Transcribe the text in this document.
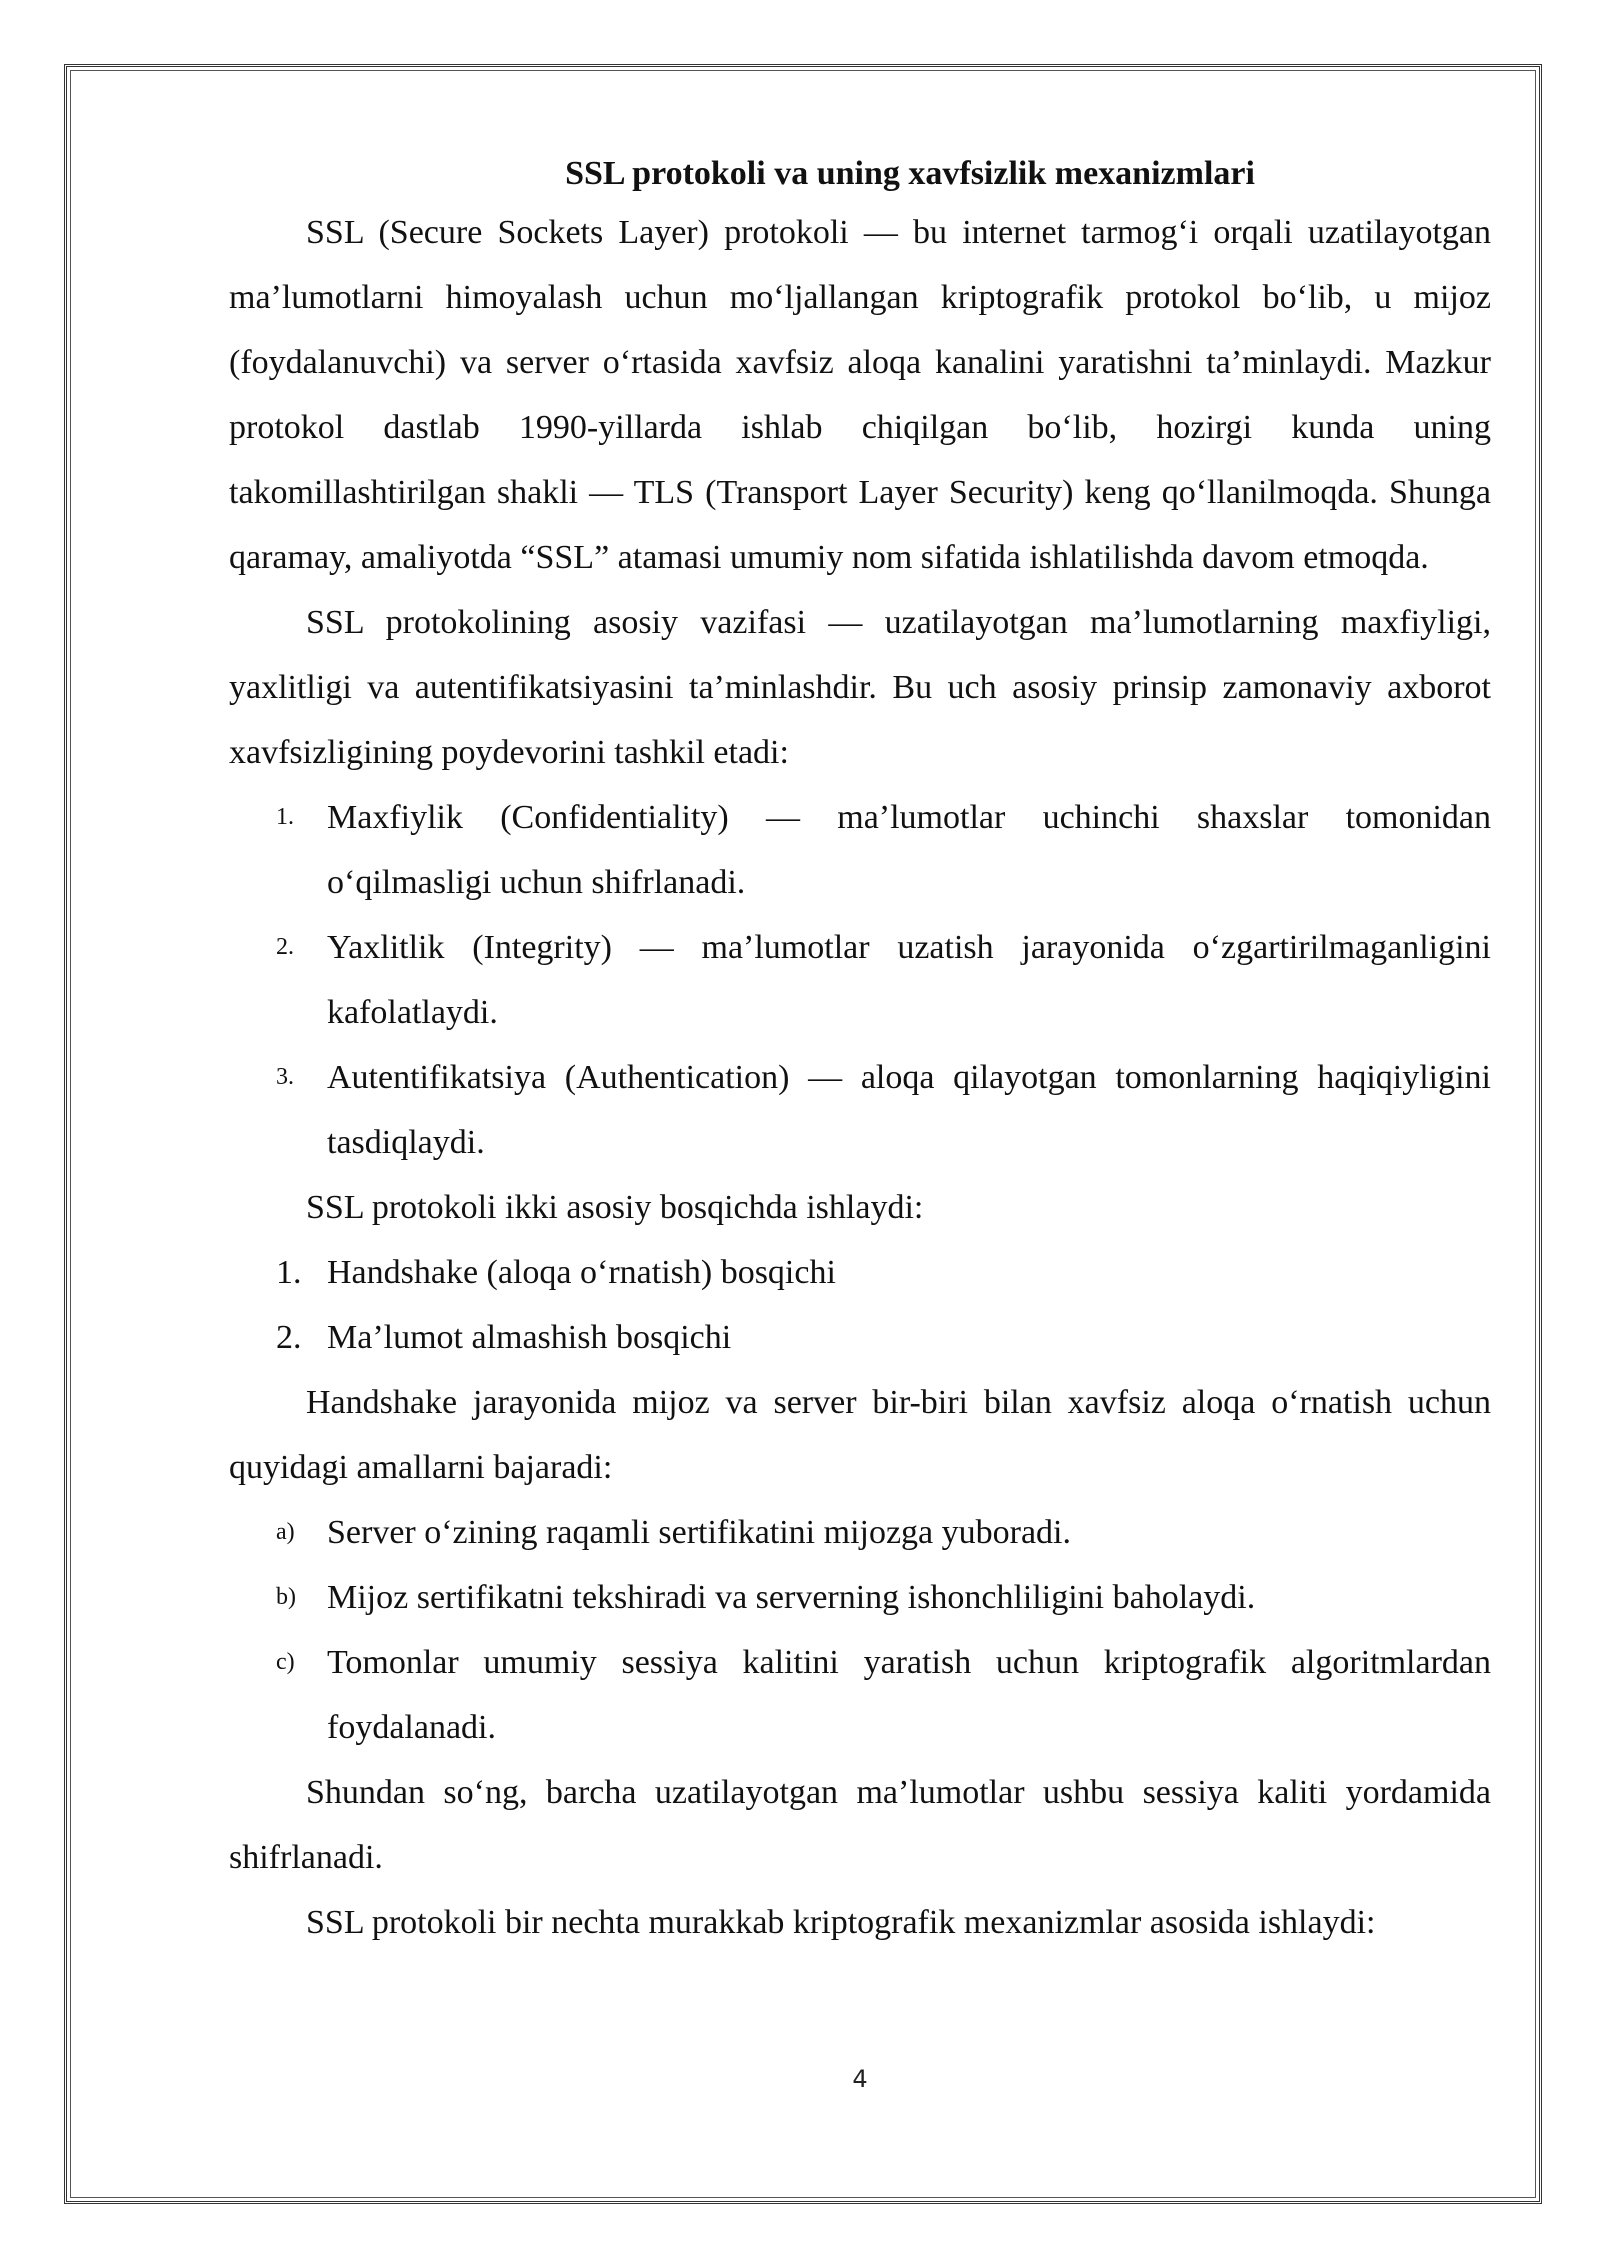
SSL protokoli va uning xavfsizlik mexanizmlari

SSL (Secure Sockets Layer) protokoli — bu internet tarmog‘i orqali uzatilayotgan ma’lumotlarni himoyalash uchun mo‘ljallangan kriptografik protokol bo‘lib, u mijoz (foydalanuvchi) va server o‘rtasida xavfsiz aloqa kanalini yaratishni ta’minlaydi. Mazkur protokol dastlab 1990-yillarda ishlab chiqilgan bo‘lib, hozirgi kunda uning takomillashtirilgan shakli — TLS (Transport Layer Security) keng qo‘llanilmoqda. Shunga qaramay, amaliyotda “SSL” atamasi umumiy nom sifatida ishlatilishda davom etmoqda.

SSL protokolining asosiy vazifasi — uzatilayotgan ma’lumotlarning maxfiyligi, yaxlitligi va autentifikatsiyasini ta’minlashdir. Bu uch asosiy prinsip zamonaviy axborot xavfsizligining poydevorini tashkil etadi:

1. Maxfiylik (Confidentiality) — ma’lumotlar uchinchi shaxslar tomonidan o‘qilmasligi uchun shifrlanadi.
2. Yaxlitlik (Integrity) — ma’lumotlar uzatish jarayonida o‘zgartirilmaganligini kafolatlaydi.
3. Autentifikatsiya (Authentication) — aloqa qilayotgan tomonlarning haqiqiyligini tasdiqlaydi.

SSL protokoli ikki asosiy bosqichda ishlaydi:

1. Handshake (aloqa o‘rnatish) bosqichi
2. Ma’lumot almashish bosqichi

Handshake jarayonida mijoz va server bir-biri bilan xavfsiz aloqa o‘rnatish uchun quyidagi amallarni bajaradi:

a) Server o‘zining raqamli sertifikatini mijozga yuboradi.
b) Mijoz sertifikatni tekshiradi va serverning ishonchliligini baholaydi.
c) Tomonlar umumiy sessiya kalitini yaratish uchun kriptografik algoritmlardan foydalanadi.

Shundan so‘ng, barcha uzatilayotgan ma’lumotlar ushbu sessiya kaliti yordamida shifrlanadi.

SSL protokoli bir nechta murakkab kriptografik mexanizmlar asosida ishlaydi:

4
